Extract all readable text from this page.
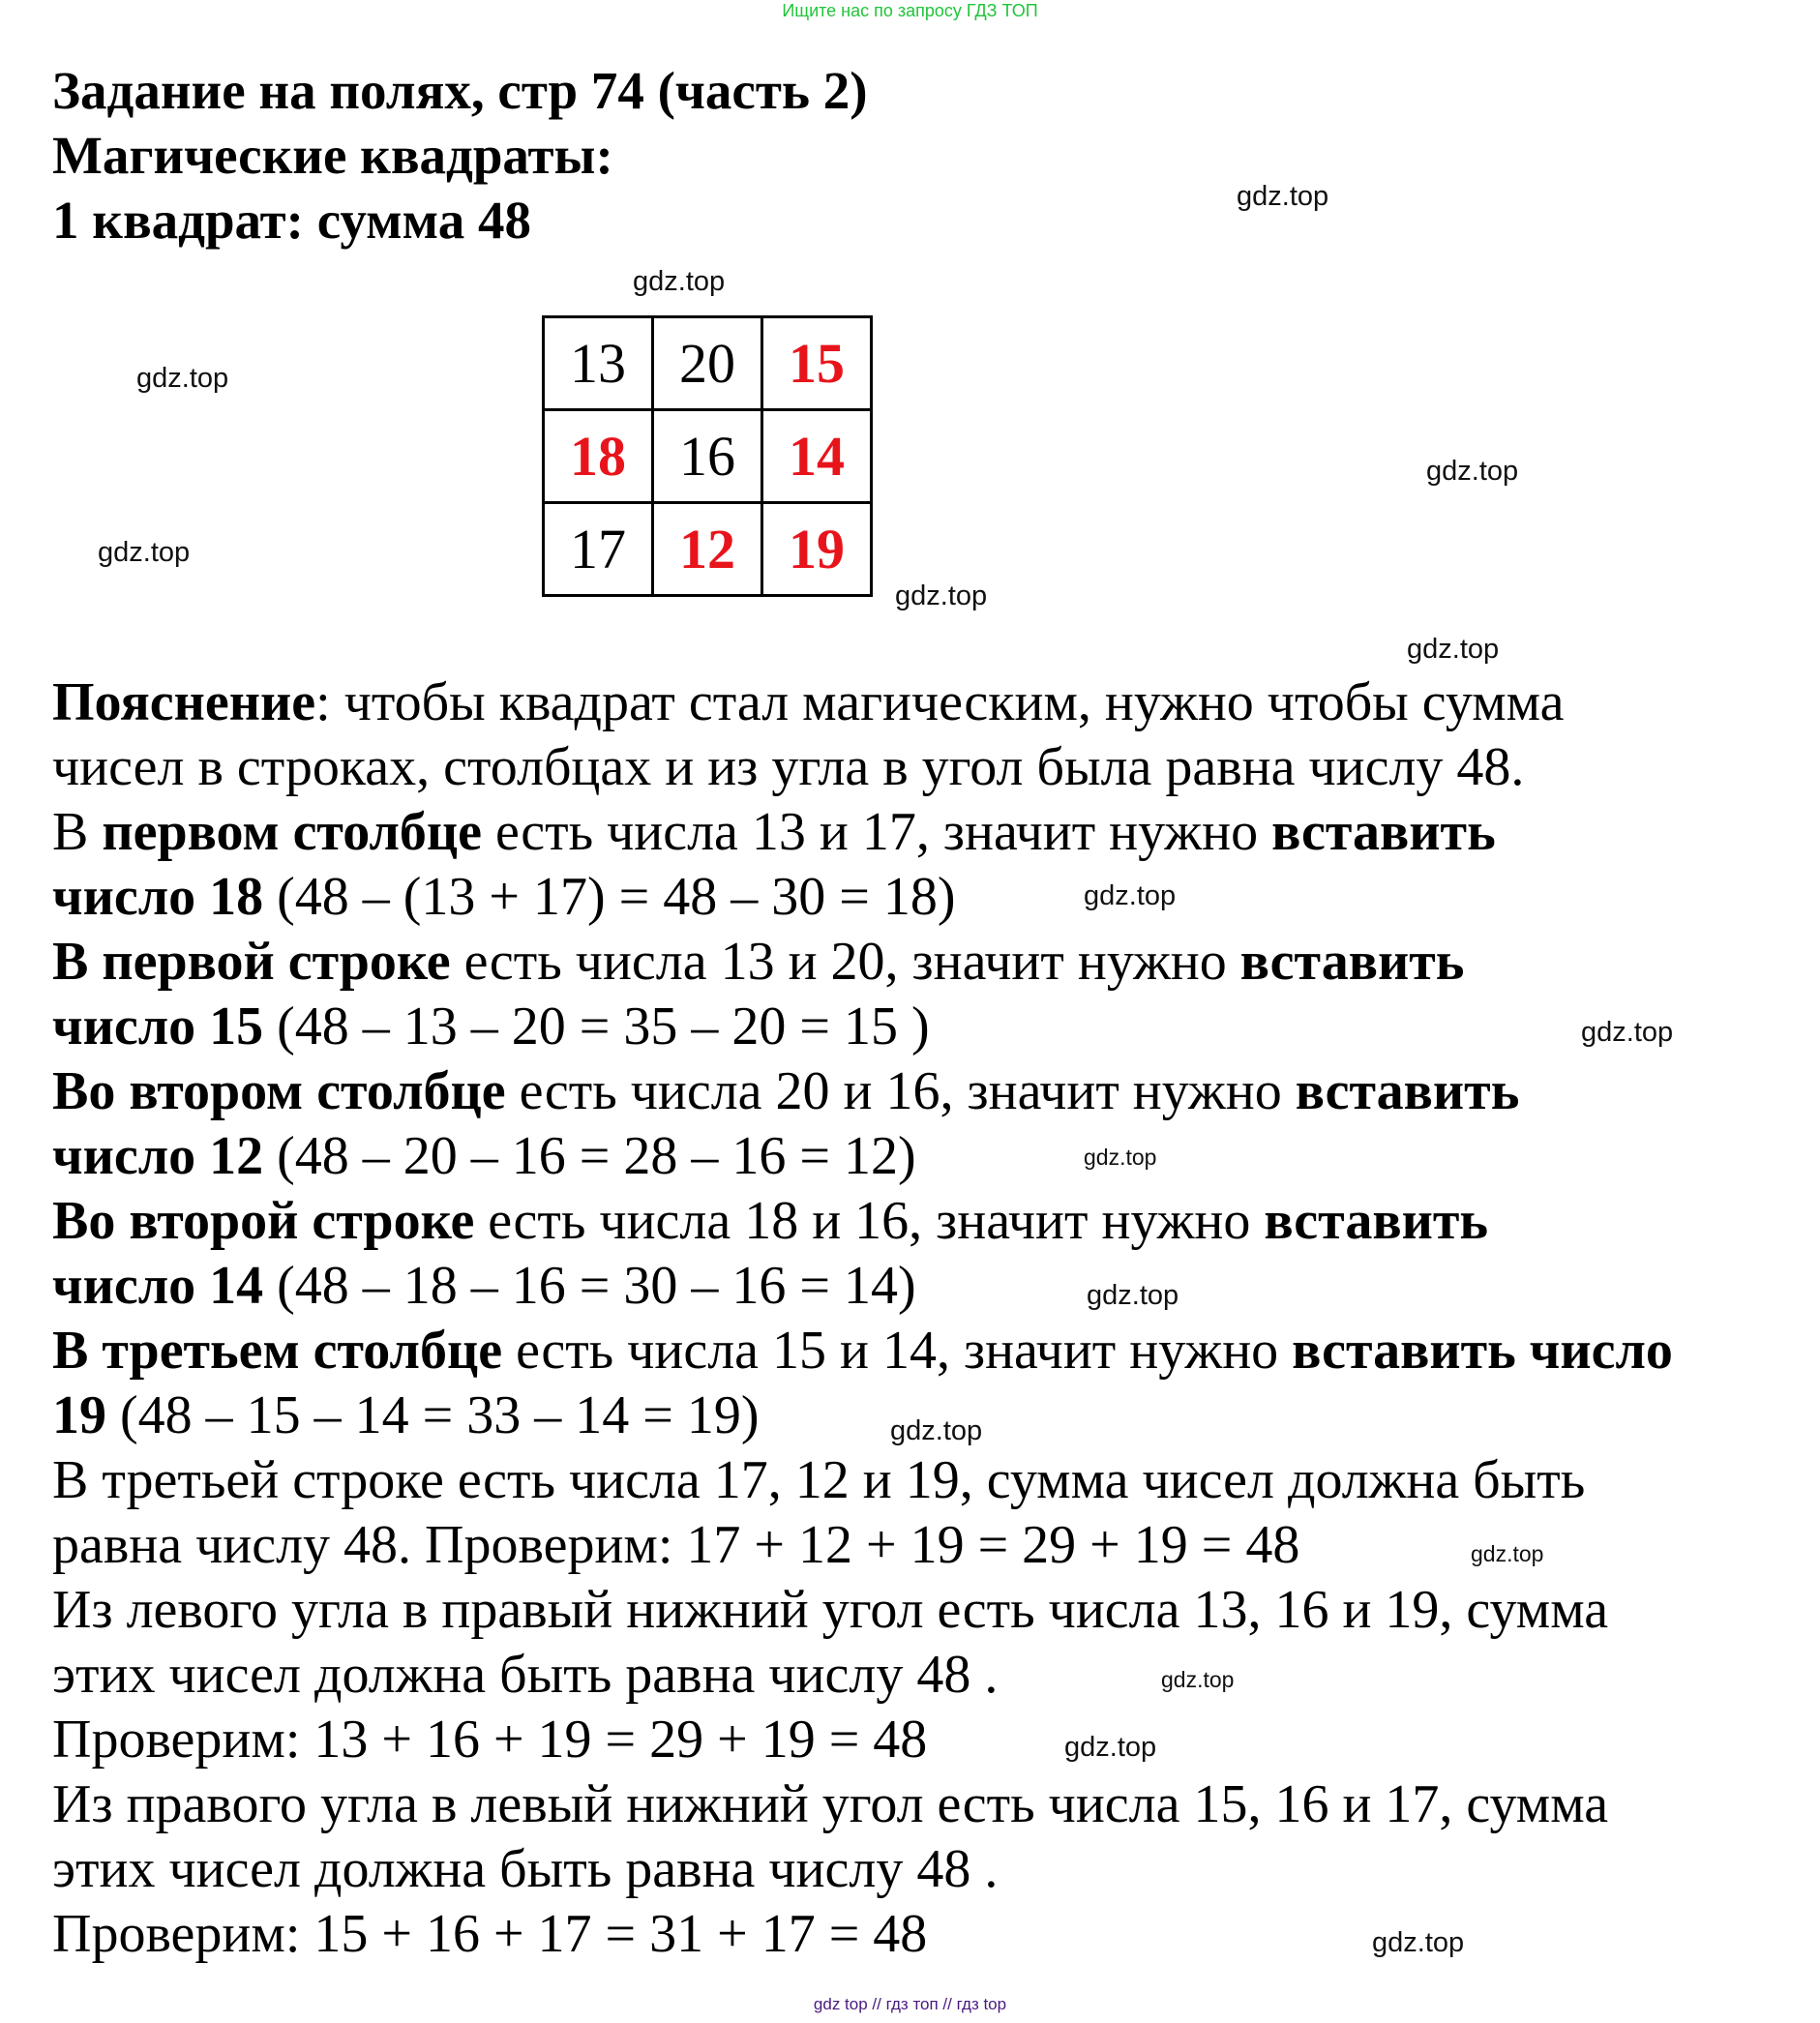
Ищите нас по запросу ГДЗ ТОП
Задание на полях, стр 74 (часть 2)
Магические квадраты:
1 квадрат: сумма 48
13	20	15
18	16	14
17	12	19
Пояснение: чтобы квадрат стал магическим, нужно чтобы сумма
чисел в строках, столбцах и из угла в угол была равна числу 48.
В первом столбце есть числа 13 и 17, значит нужно вставить
число 18 (48 – (13 + 17) = 48 – 30 = 18)
В первой строке есть числа 13 и 20, значит нужно вставить
число 15 (48 – 13 – 20 = 35 – 20 = 15 )
Во втором столбце есть числа 20 и 16, значит нужно вставить
число 12 (48 – 20 – 16 = 28 – 16 = 12)
Во второй строке есть числа 18 и 16, значит нужно вставить
число 14 (48 – 18 – 16 = 30 – 16 = 14)
В третьем столбце есть числа 15 и 14, значит нужно вставить число
19 (48 – 15 – 14 = 33 – 14 = 19)
В третьей строке есть числа 17, 12 и 19, сумма чисел должна быть
равна числу 48. Проверим: 17 + 12 + 19 = 29 + 19 = 48
Из левого угла в правый нижний угол есть числа 13, 16 и 19, сумма
этих чисел должна быть равна числу 48 .
Проверим: 13 + 16 + 19 = 29 + 19 = 48
Из правого угла в левый нижний угол есть числа 15, 16 и 17, сумма
этих чисел должна быть равна числу 48 .
Проверим: 15 + 16 + 17 = 31 + 17 = 48
gdz.top
gdz.top
gdz.top
gdz.top
gdz.top
gdz.top
gdz.top
gdz.top
gdz.top
gdz.top
gdz.top
gdz.top
gdz.top
gdz.top
gdz.top
gdz.top
gdz top // гдз топ // гдз top
